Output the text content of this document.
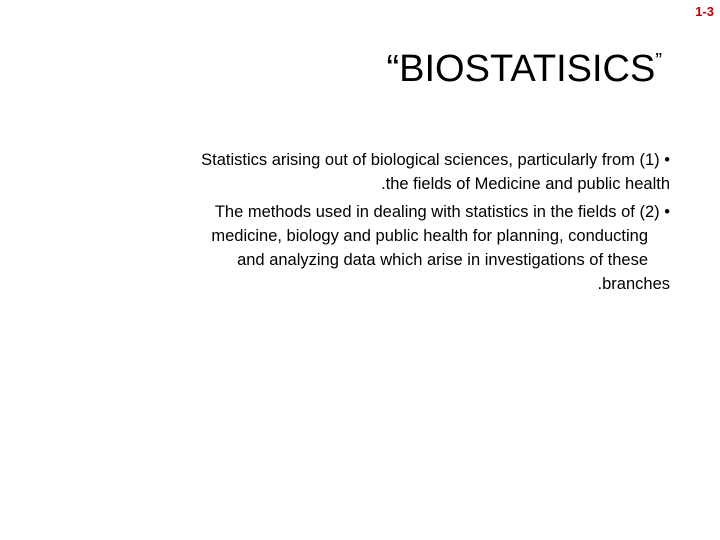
1-3
“BIOSTATISICS”
Statistics arising out of biological sciences, particularly from (1) •
.the fields of Medicine and public health
The methods used in dealing with statistics in the fields of (2) •
medicine, biology and public health for planning, conducting
and analyzing data which arise in investigations of these
.branches
